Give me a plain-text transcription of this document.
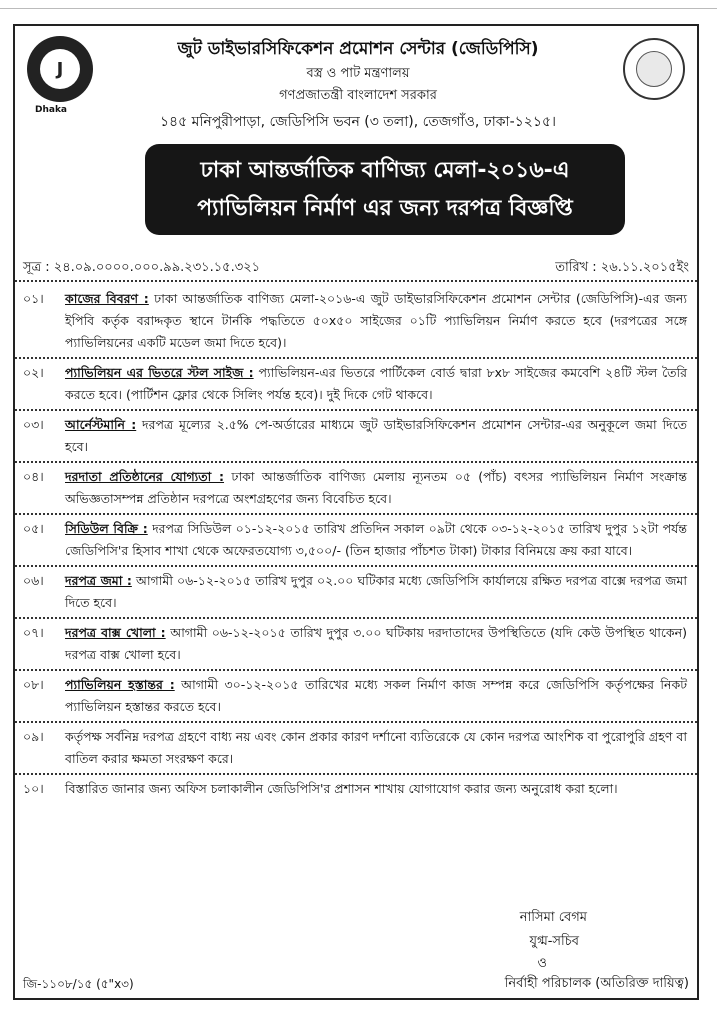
J
Dhaka
জুট ডাইভারসিফিকেশন প্রমোশন সেন্টার (জেডিপিসি)
বস্ত্র ও পাট মন্ত্রণালয়
গণপ্রজাতন্ত্রী বাংলাদেশ সরকার
১৪৫ মনিপুরীপাড়া, জেডিপিসি ভবন (৩ তলা), তেজগাঁও, ঢাকা-১২১৫।
ঢাকা আন্তর্জাতিক বাণিজ্য মেলা-২০১৬-এ
প্যাভিলিয়ন নির্মাণ এর জন্য দরপত্র বিজ্ঞপ্তি
সূত্র : ২৪.০৯.০০০০.০০০.৯৯.২৩১.১৫.৩২১	তারিখ : ২৬.১১.২০১৫ইং
০১। কাজের বিবরণ : ঢাকা আন্তর্জাতিক বাণিজ্য মেলা-২০১৬-এ জুট ডাইভারসিফিকেশন প্রমোশন সেন্টার (জেডিপিসি)-এর জন্য ইপিবি কর্তৃক বরাদ্দকৃত স্থানে টার্নকি পদ্ধতিতে ৫০x৫০ সাইজের ০১টি প্যাভিলিয়ন নির্মাণ করতে হবে (দরপত্রের সঙ্গে প্যাভিলিয়নের একটি মডেল জমা দিতে হবে)।
০২। প্যাভিলিয়ন এর ভিতরে স্টল সাইজ : প্যাভিলিয়ন-এর ভিতরে পার্টিকেল বোর্ড দ্বারা ৮x৮ সাইজের কমবেশি ২৪টি স্টল তৈরি করতে হবে। (পার্টিশন ফ্লোর থেকে সিলিং পর্যন্ত হবে)। দুই দিকে গেট থাকবে।
০৩। আর্নেস্টমানি : দরপত্র মূল্যের ২.৫% পে-অর্ডারের মাধ্যমে জুট ডাইভারসিফিকেশন প্রমোশন সেন্টার-এর অনুকূলে জমা দিতে হবে।
০৪। দরদাতা প্রতিষ্ঠানের যোগ্যতা : ঢাকা আন্তর্জাতিক বাণিজ্য মেলায় ন্যূনতম ০৫ (পাঁচ) বৎসর প্যাভিলিয়ন নির্মাণ সংক্রান্ত অভিজ্ঞতাসম্পন্ন প্রতিষ্ঠান দরপত্রে অংশগ্রহণের জন্য বিবেচিত হবে।
০৫। সিডিউল বিক্রি : দরপত্র সিডিউল ০১-১২-২০১৫ তারিখ প্রতিদিন সকাল ০৯টা থেকে ০৩-১২-২০১৫ তারিখ দুপুর ১২টা পর্যন্ত জেডিপিসি'র হিসাব শাখা থেকে অফেরতযোগ্য ৩,৫০০/- (তিন হাজার পাঁচশত টাকা) টাকার বিনিময়ে ক্রয় করা যাবে।
০৬। দরপত্র জমা : আগামী ০৬-১২-২০১৫ তারিখ দুপুর ০২.০০ ঘটিকার মধ্যে জেডিপিসি কার্যালয়ে রক্ষিত দরপত্র বাক্সে দরপত্র জমা দিতে হবে।
০৭। দরপত্র বাক্স খোলা : আগামী ০৬-১২-২০১৫ তারিখ দুপুর ৩.০০ ঘটিকায় দরদাতাদের উপস্থিতিতে (যদি কেউ উপস্থিত থাকেন) দরপত্র বাক্স খোলা হবে।
০৮। প্যাভিলিয়ন হস্তান্তর : আগামী ৩০-১২-২০১৫ তারিখের মধ্যে সকল নির্মাণ কাজ সম্পন্ন করে জেডিপিসি কর্তৃপক্ষের নিকট প্যাভিলিয়ন হস্তান্তর করতে হবে।
০৯। কর্তৃপক্ষ সর্বনিম্ন দরপত্র গ্রহণে বাধ্য নয় এবং কোন প্রকার কারণ দর্শানো ব্যতিরেকে যে কোন দরপত্র আংশিক বা পুরোপুরি গ্রহণ বা বাতিল করার ক্ষমতা সংরক্ষণ করে।
১০। বিস্তারিত জানার জন্য অফিস চলাকালীন জেডিপিসি'র প্রশাসন শাখায় যোগাযোগ করার জন্য অনুরোধ করা হলো।
নাসিমা বেগম
যুগ্ম-সচিব
ও
নির্বাহী পরিচালক (অতিরিক্ত দায়িত্ব)
জি-১১০৮/১৫ (৫"x৩)
